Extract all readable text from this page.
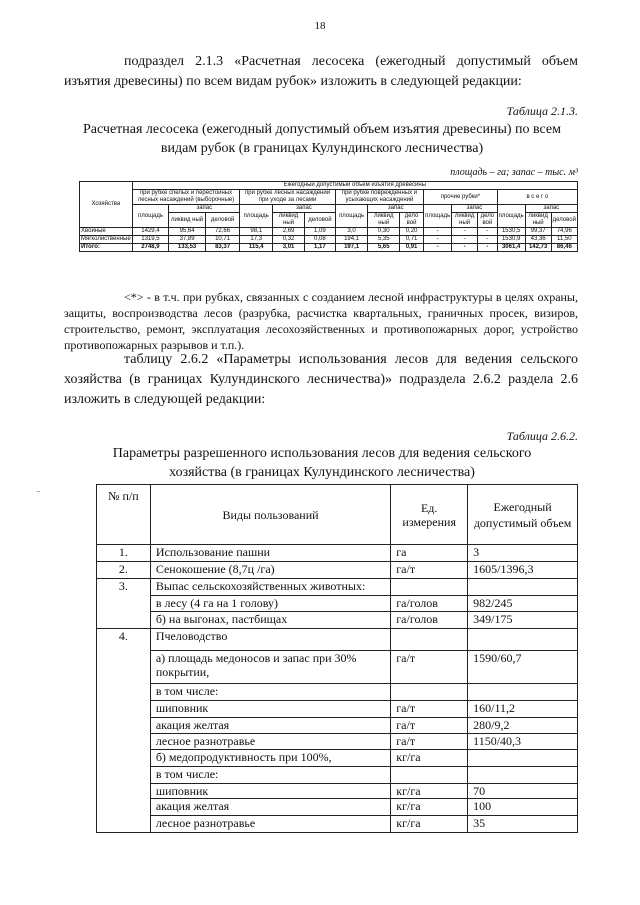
18
подраздел 2.1.3 «Расчетная лесосека (ежегодный допустимый объем изъятия древесины) по всем видам рубок» изложить в следующей редакции:
Таблица 2.1.3.
Расчетная лесосека (ежегодный допустимый объем изъятия древесины) по всем видам рубок (в границах Кулундинского лесничества)
площадь – га; запас – тыс. м³
Хозяйства	Ежегодный допустимый объем изъятия древесины														
	при рубке спелых и перестойных лесных насаждений (выборочные)			при рубке лесных насаждений при уходе за лесами			при рубке поврежденных и усыхающих насаждений			прочие рубки*			в с е г о		
	площадь	запас		площадь	запас		площадь	запас		площадь	запас		площадь	запас	
		ликвид ный	деловой		ликвид ный	деловой		ликвид ный	дело вой		ликвид ный	дело вой		ликвид ный	деловой
Хвойные	1429,4	95,64	72,66	98,1	2,69	1,09	3,0	0,30	0,20	-	-	-	1530,5	99,37	74,96
Мягколиственные	1319,5	37,89	10,71	17,3	0,32	0,08	194,1	5,35	0,71	-	-	-	1530,9	43,36	11,50
Итого:	2748,9	133,53	83,37	115,4	3,01	1,17	197,1	5,65	0,91	-	-	-	3061,4	142,73	86,46
<*> - в т.ч. при рубках, связанных с созданием лесной инфраструктуры в целях охраны, защиты, воспроизводства лесов (разрубка, расчистка квартальных, граничных просек, визиров, строительство, ремонт, эксплуатация лесохозяйственных и противопожарных дорог, устройство противопожарных разрывов и т.п.).
таблицу 2.6.2 «Параметры использования лесов для ведения сельского хозяйства (в границах Кулундинского лесничества)» подраздела 2.6.2 раздела 2.6 изложить в следующей редакции:
Таблица 2.6.2.
Параметры разрешенного использования лесов для ведения сельского хозяйства (в границах Кулундинского лесничества)
⁻	№ п/п	Виды пользований	Ед. измерения	Ежегодный допустимый объем
1.	Использование пашни	га	3
2.	Сенокошение (8,7ц /га)	га/т	1605/1396,3
3.	Выпас сельскохозяйственных животных:		
	в лесу (4 га на 1 голову)	га/голов	982/245
	б) на выгонах, пастбищах	га/голов	349/175
4.	Пчеловодство		
	а) площадь медоносов и запас при 30% покрытии,	га/т	1590/60,7
	в том числе:		
	шиповник	га/т	160/11,2
	акация желтая	га/т	280/9,2
	лесное разнотравье	га/т	1150/40,3
	б) медопродуктивность при 100%,	кг/га	
	в том числе:		
	шиповник	кг/га	70
	акация желтая	кг/га	100
	лесное разнотравье	кг/га	35
